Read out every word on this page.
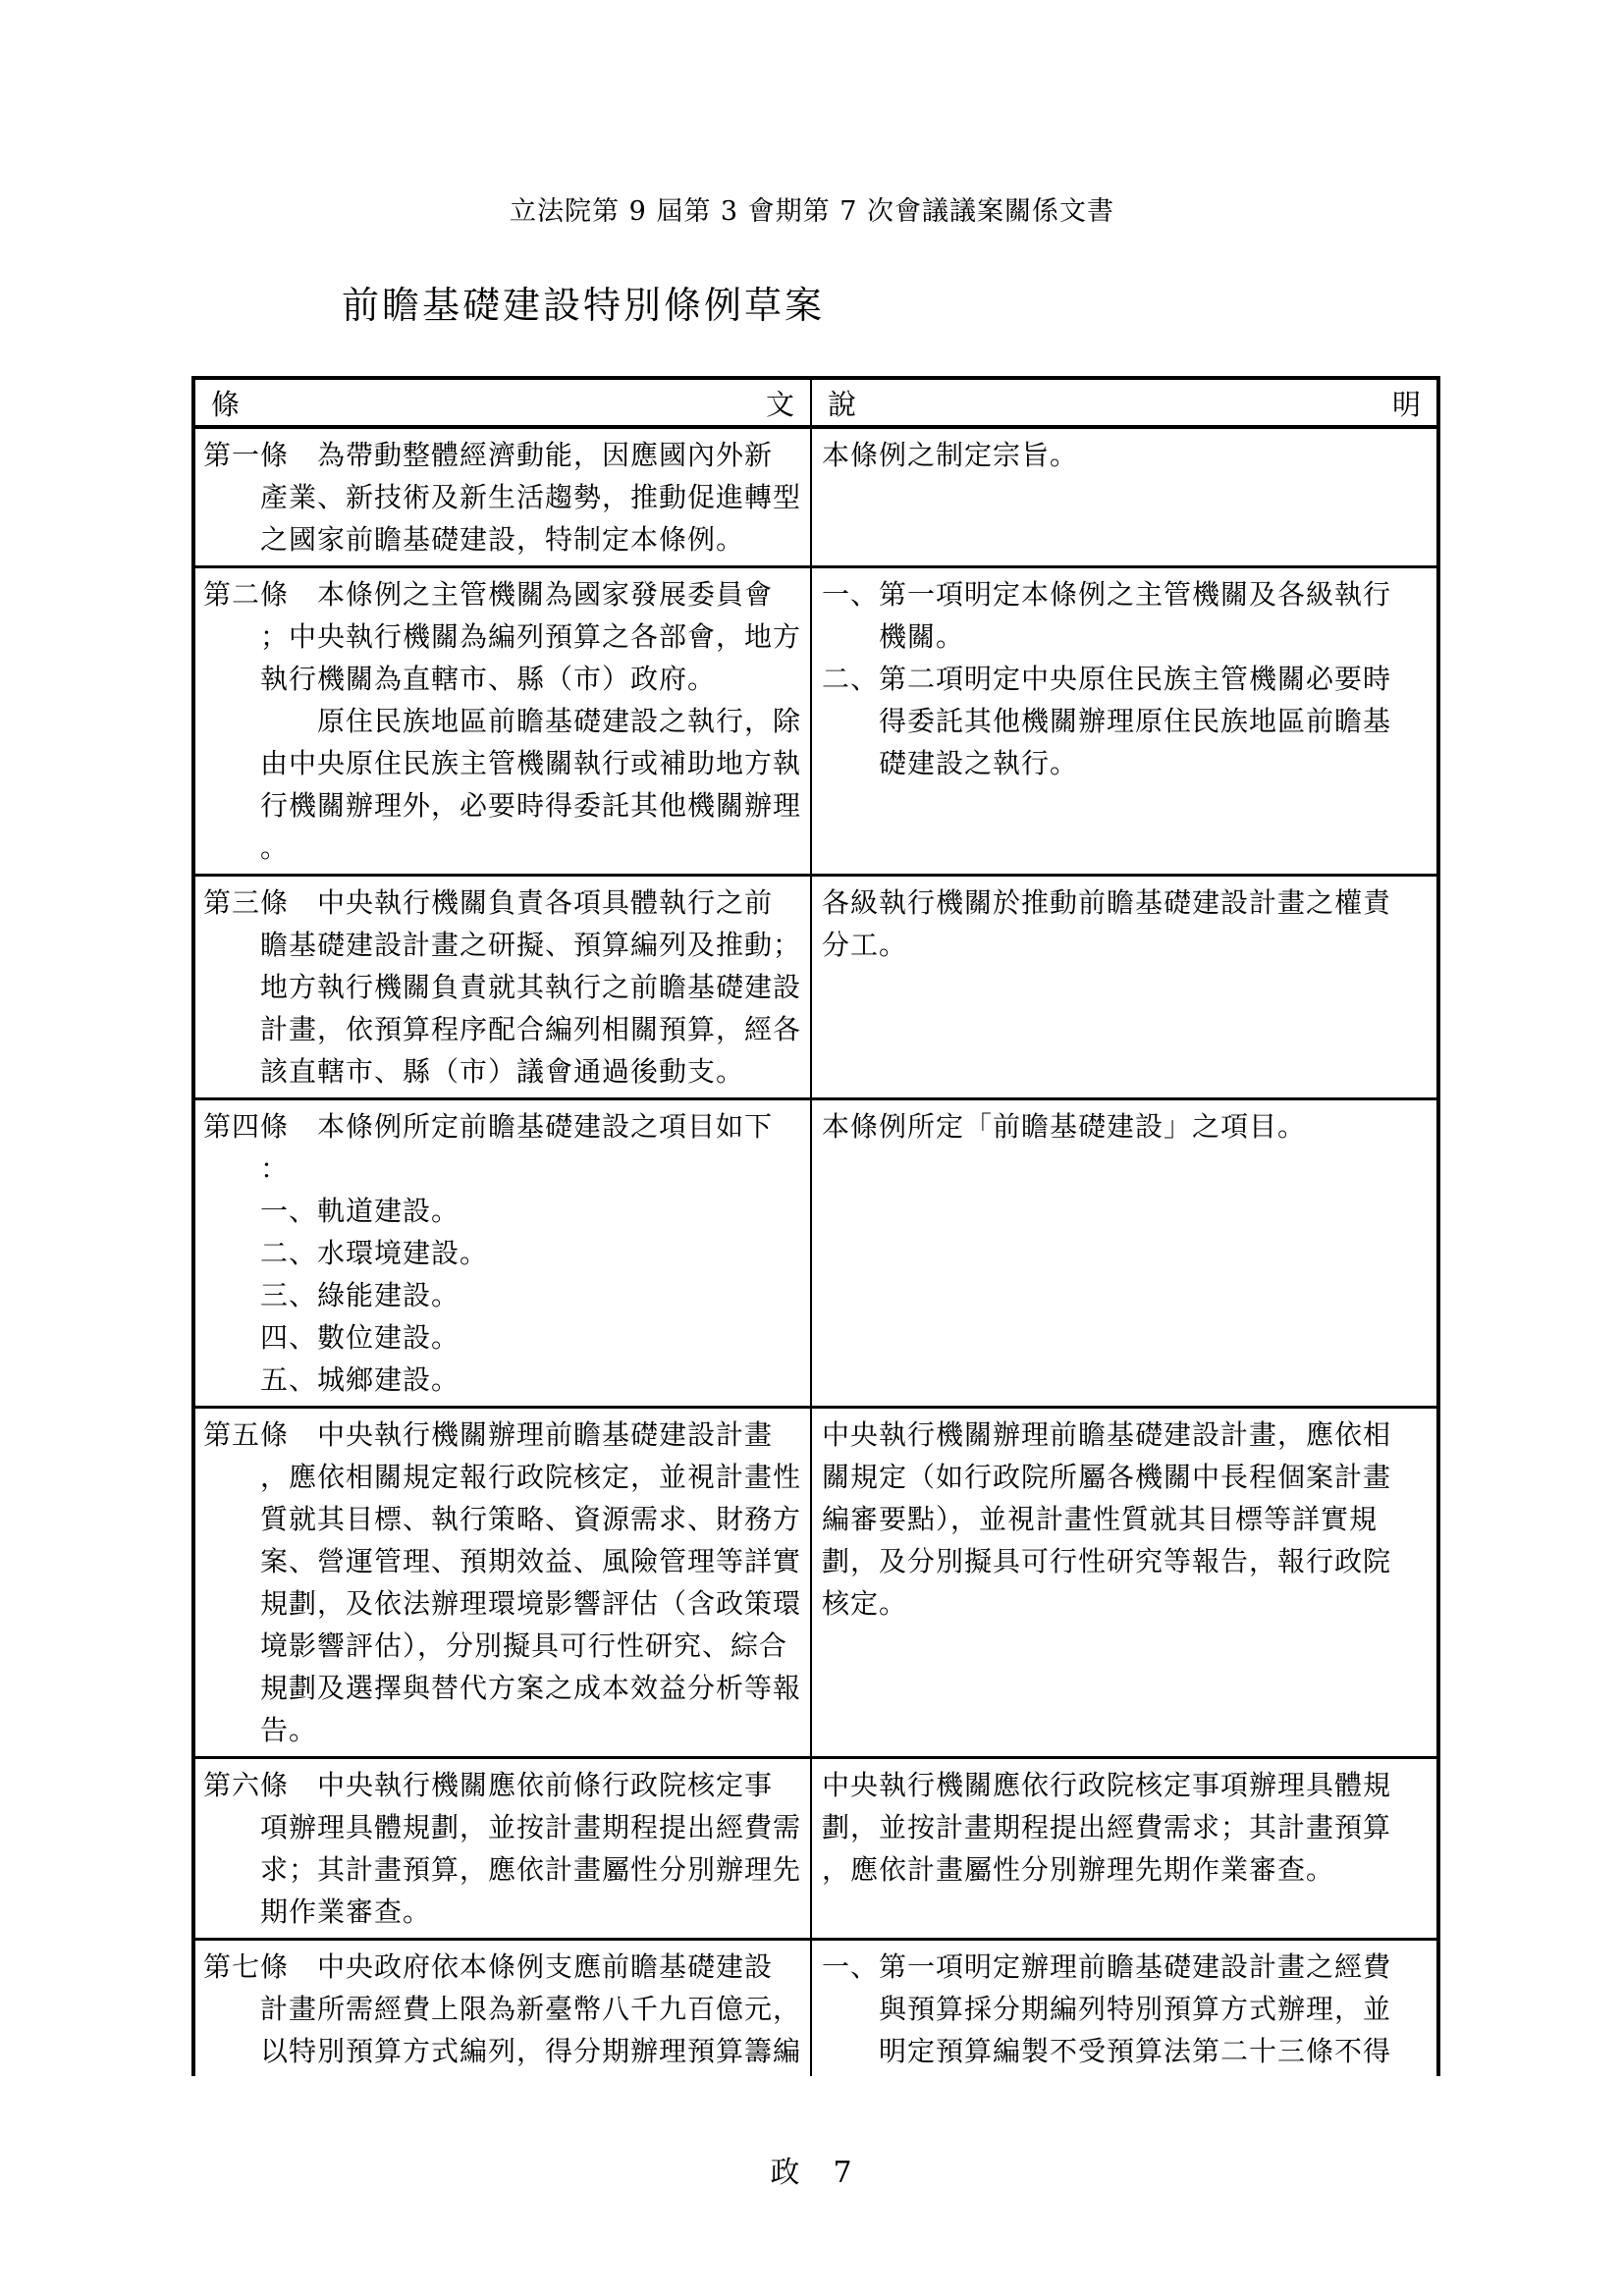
立法院第 9 屆第 3 會期第 7 次會議議案關係文書
前瞻基礎建設特別條例草案
條	文 說	明
第一條　為帶動整體經濟動能，因應國內外新
產業、新技術及新生活趨勢，推動促進轉型
之國家前瞻基礎建設，特制定本條例。
本條例之制定宗旨。
第二條　本條例之主管機關為國家發展委員會
；中央執行機關為編列預算之各部會，地方
執行機關為直轄市、縣（市）政府。
原住民族地區前瞻基礎建設之執行，除
由中央原住民族主管機關執行或補助地方執
行機關辦理外，必要時得委託其他機關辦理
。
一、第一項明定本條例之主管機關及各級執行
機關。
二、第二項明定中央原住民族主管機關必要時
得委託其他機關辦理原住民族地區前瞻基
礎建設之執行。
第三條　中央執行機關負責各項具體執行之前
瞻基礎建設計畫之研擬、預算編列及推動；
地方執行機關負責就其執行之前瞻基礎建設
計畫，依預算程序配合編列相關預算，經各
該直轄市、縣（市）議會通過後動支。
各級執行機關於推動前瞻基礎建設計畫之權責
分工。
第四條　本條例所定前瞻基礎建設之項目如下
：
一、軌道建設。
二、水環境建設。
三、綠能建設。
四、數位建設。
五、城鄉建設。
本條例所定「前瞻基礎建設」之項目。
第五條　中央執行機關辦理前瞻基礎建設計畫
，應依相關規定報行政院核定，並視計畫性
質就其目標、執行策略、資源需求、財務方
案、營運管理、預期效益、風險管理等詳實
規劃，及依法辦理環境影響評估（含政策環
境影響評估），分別擬具可行性研究、綜合
規劃及選擇與替代方案之成本效益分析等報
告。
中央執行機關辦理前瞻基礎建設計畫，應依相
關規定（如行政院所屬各機關中長程個案計畫
編審要點），並視計畫性質就其目標等詳實規
劃，及分別擬具可行性研究等報告，報行政院
核定。
第六條　中央執行機關應依前條行政院核定事
項辦理具體規劃，並按計畫期程提出經費需
求；其計畫預算，應依計畫屬性分別辦理先
期作業審查。
中央執行機關應依行政院核定事項辦理具體規
劃，並按計畫期程提出經費需求；其計畫預算
，應依計畫屬性分別辦理先期作業審查。
第七條　中央政府依本條例支應前瞻基礎建設
計畫所需經費上限為新臺幣八千九百億元，
以特別預算方式編列，得分期辦理預算籌編
一、第一項明定辦理前瞻基礎建設計畫之經費
與預算採分期編列特別預算方式辦理，並
明定預算編製不受預算法第二十三條不得
政　7
